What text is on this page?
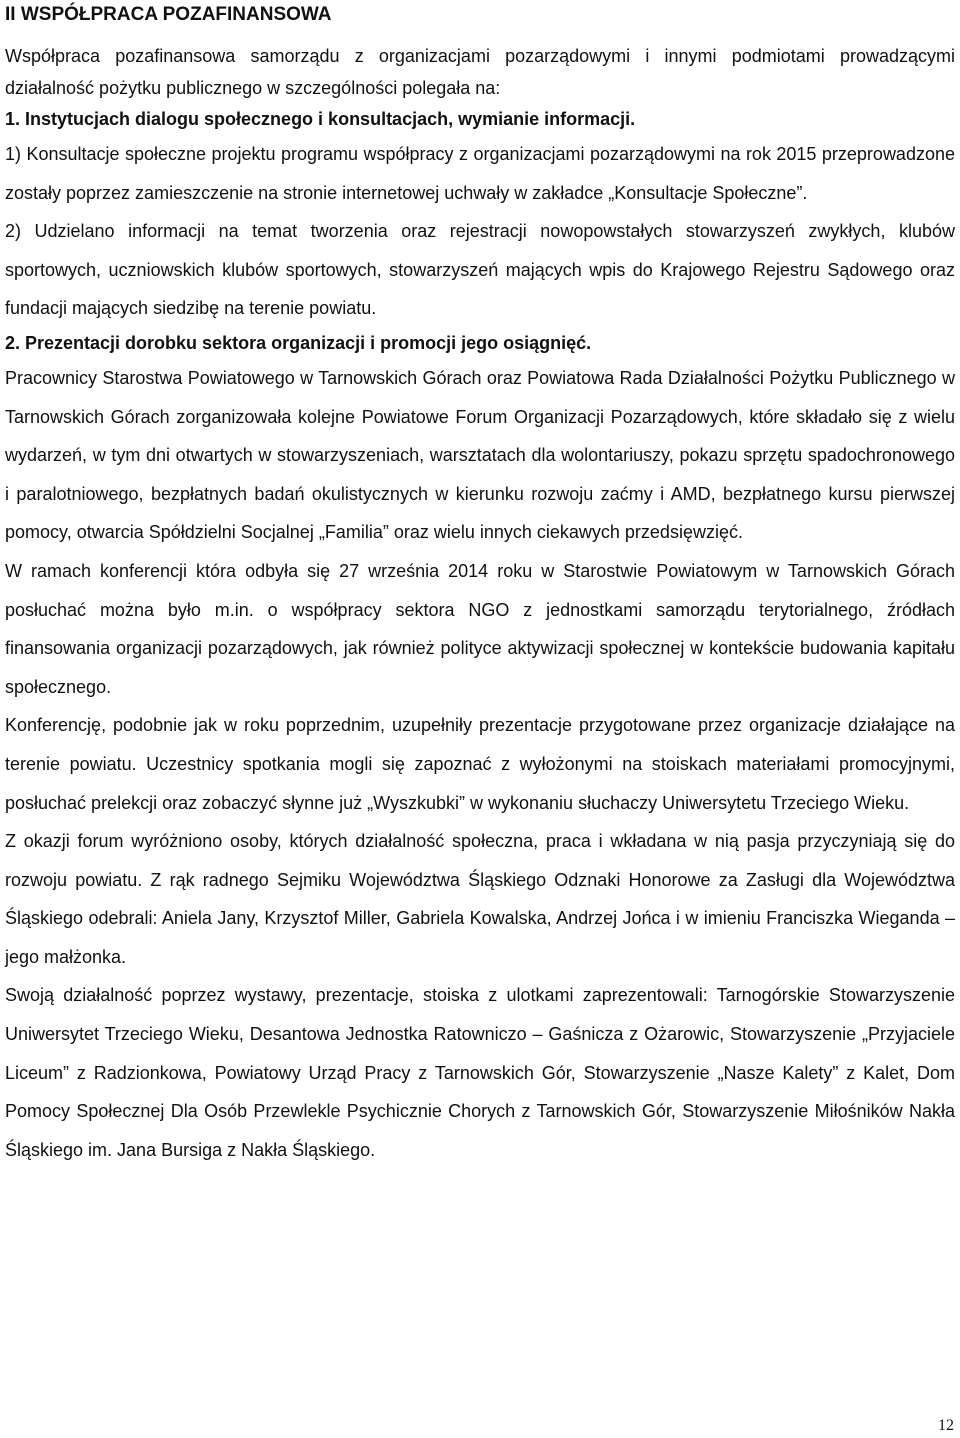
II WSPÓŁPRACA POZAFINANSOWA

Współpraca pozafinansowa samorządu z organizacjami pozarządowymi i innymi podmiotami prowadzącymi działalność pożytku publicznego w szczególności polegała na:

1. Instytucjach dialogu społecznego i konsultacjach, wymianie informacji.

1) Konsultacje społeczne projektu programu współpracy z organizacjami pozarządowymi na rok 2015 przeprowadzone zostały poprzez zamieszczenie na stronie internetowej uchwały w zakładce „Konsultacje Społeczne”.

2) Udzielano informacji na temat tworzenia oraz rejestracji nowopowstałych stowarzyszeń zwykłych, klubów sportowych, uczniowskich klubów sportowych, stowarzyszeń mających wpis do Krajowego Rejestru Sądowego oraz fundacji mających siedzibę na terenie powiatu.

2. Prezentacji dorobku sektora organizacji i promocji jego osiągnięć.

Pracownicy Starostwa Powiatowego w Tarnowskich Górach oraz Powiatowa Rada Działalności Pożytku Publicznego w Tarnowskich Górach zorganizowała kolejne Powiatowe Forum Organizacji Pozarządowych, które składało się z wielu wydarzeń, w tym dni otwartych w stowarzyszeniach, warsztatach dla wolontariuszy, pokazu sprzętu spadochronowego i paralotniowego, bezpłatnych badań okulistycznych w kierunku rozwoju zaćmy i AMD, bezpłatnego kursu pierwszej pomocy, otwarcia Spółdzielni Socjalnej „Familia” oraz wielu innych ciekawych przedsięwzięć.

W ramach konferencji która odbyła się 27 września 2014 roku w Starostwie Powiatowym w Tarnowskich Górach posłuchać można było m.in. o współpracy sektora NGO z jednostkami samorządu terytorialnego, źródłach finansowania organizacji pozarządowych, jak również polityce aktywizacji społecznej w kontekście budowania kapitału społecznego.

Konferencję, podobnie jak w roku poprzednim, uzupełniły prezentacje przygotowane przez organizacje działające na terenie powiatu. Uczestnicy spotkania mogli się zapoznać z wyłożonymi na stoiskach materiałami promocyjnymi, posłuchać prelekcji oraz zobaczyć słynne już „Wyszkubki” w wykonaniu słuchaczy Uniwersytetu Trzeciego Wieku.

Z okazji forum wyróżniono osoby, których działalność społeczna, praca i wkładana w nią pasja przyczyniają się do rozwoju powiatu. Z rąk radnego Sejmiku Województwa Śląskiego Odznaki Honorowe za Zasługi dla Województwa Śląskiego odebrali: Aniela Jany, Krzysztof Miller, Gabriela Kowalska, Andrzej Jońca i w imieniu Franciszka Wieganda – jego małżonka.

Swoją działalność poprzez wystawy, prezentacje, stoiska z ulotkami zaprezentowali: Tarnogórskie Stowarzyszenie Uniwersytet Trzeciego Wieku, Desantowa Jednostka Ratowniczo – Gaśnicza z Ożarowic, Stowarzyszenie „Przyjaciele Liceum” z Radzionkowa, Powiatowy Urząd Pracy z Tarnowskich Gór, Stowarzyszenie „Nasze Kalety” z Kalet, Dom Pomocy Społecznej Dla Osób Przewlekle Psychicznie Chorych z Tarnowskich Gór, Stowarzyszenie Miłośników Nakła Śląskiego im. Jana Bursiga z Nakła Śląskiego.

12
